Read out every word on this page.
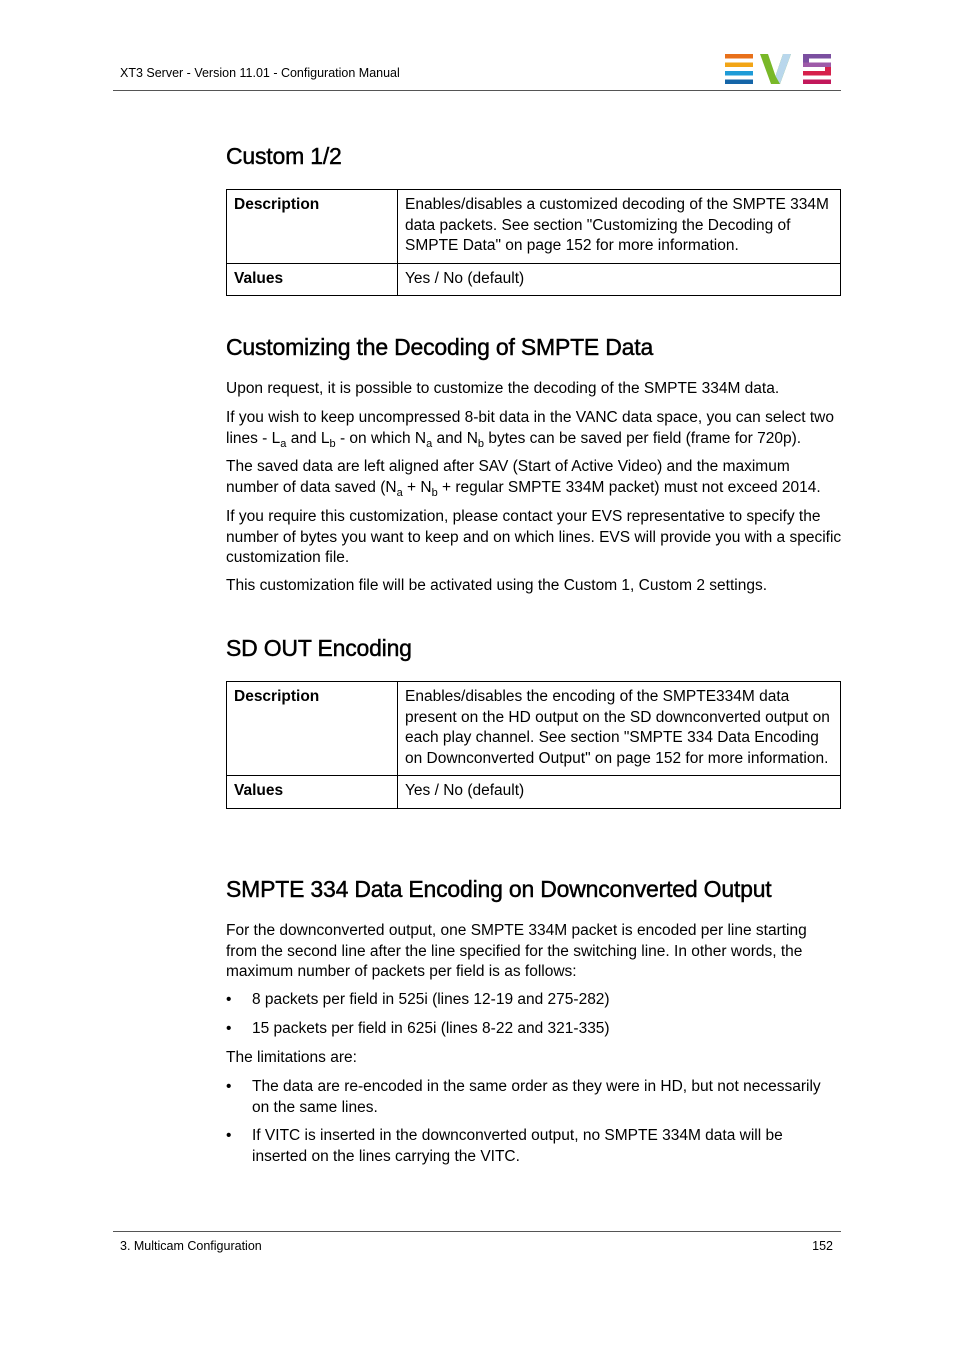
XT3 Server - Version 11.01 - Configuration Manual
Custom 1/2
Description	Enables/disables a customized decoding of the SMPTE 334M data packets. See section "Customizing the Decoding of SMPTE Data" on page 152 for more information.
Values	Yes / No (default)
Customizing the Decoding of SMPTE Data

Upon request, it is possible to customize the decoding of the SMPTE 334M data.

If you wish to keep uncompressed 8-bit data in the VANC data space, you can select two lines - $L_a$ and $L_b$ - on which $N_a$ and $N_b$ bytes can be saved per field (frame for 720p).

The saved data are left aligned after SAV (Start of Active Video) and the maximum number of data saved ($N_a + N_b$ + regular SMPTE 334M packet) must not exceed 2014.

If you require this customization, please contact your EVS representative to specify the number of bytes you want to keep and on which lines. EVS will provide you with a specific customization file.

This customization file will be activated using the Custom 1, Custom 2 settings.

SD OUT Encoding
Description	Enables/disables the encoding of the SMPTE334M data present on the HD output on the SD downconverted output on each play channel. See section "SMPTE 334 Data Encoding on Downconverted Output" on page 152 for more information.
Values	Yes / No (default)
SMPTE 334 Data Encoding on Downconverted Output

For the downconverted output, one SMPTE 334M packet is encoded per line starting from the second line after the line specified for the switching line. In other words, the maximum number of packets per field is as follows:

• 8 packets per field in 525i (lines 12-19 and 275-282)
• 15 packets per field in 625i (lines 8-22 and 321-335)

The limitations are:

• The data are re-encoded in the same order as they were in HD, but not necessarily on the same lines.
• If VITC is inserted in the downconverted output, no SMPTE 334M data will be inserted on the lines carrying the VITC.
3. Multicam Configuration	152
